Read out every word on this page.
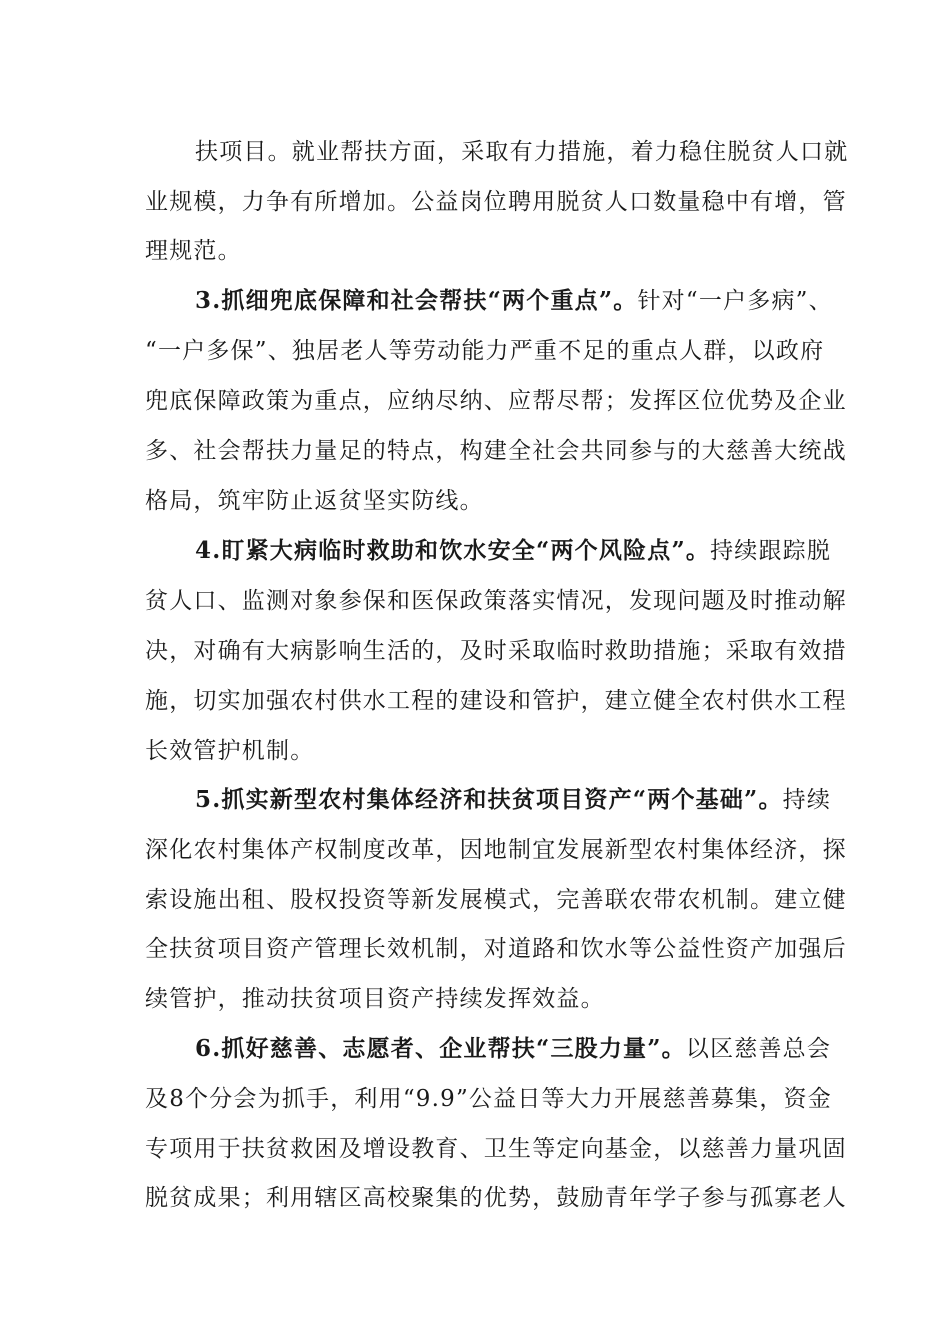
扶项目。就业帮扶方面，采取有力措施，着力稳住脱贫人口就
业规模，力争有所增加。公益岗位聘用脱贫人口数量稳中有增，管
理规范。
3.抓细兜底保障和社会帮扶“两个重点”。针对“一户多病”、
“一户多保”、独居老人等劳动能力严重不足的重点人群，以政府
兜底保障政策为重点，应纳尽纳、应帮尽帮；发挥区位优势及企业
多、社会帮扶力量足的特点，构建全社会共同参与的大慈善大统战
格局，筑牢防止返贫坚实防线。
4.盯紧大病临时救助和饮水安全“两个风险点”。持续跟踪脱
贫人口、监测对象参保和医保政策落实情况，发现问题及时推动解
决，对确有大病影响生活的，及时采取临时救助措施；采取有效措
施，切实加强农村供水工程的建设和管护，建立健全农村供水工程
长效管护机制。
5.抓实新型农村集体经济和扶贫项目资产“两个基础”。持续
深化农村集体产权制度改革，因地制宜发展新型农村集体经济，探
索设施出租、股权投资等新发展模式，完善联农带农机制。建立健
全扶贫项目资产管理长效机制，对道路和饮水等公益性资产加强后
续管护，推动扶贫项目资产持续发挥效益。
6.抓好慈善、志愿者、企业帮扶“三股力量”。以区慈善总会
及8个分会为抓手，利用“9.9”公益日等大力开展慈善募集，资金
专项用于扶贫救困及增设教育、卫生等定向基金，以慈善力量巩固
脱贫成果；利用辖区高校聚集的优势，鼓励青年学子参与孤寡老人
